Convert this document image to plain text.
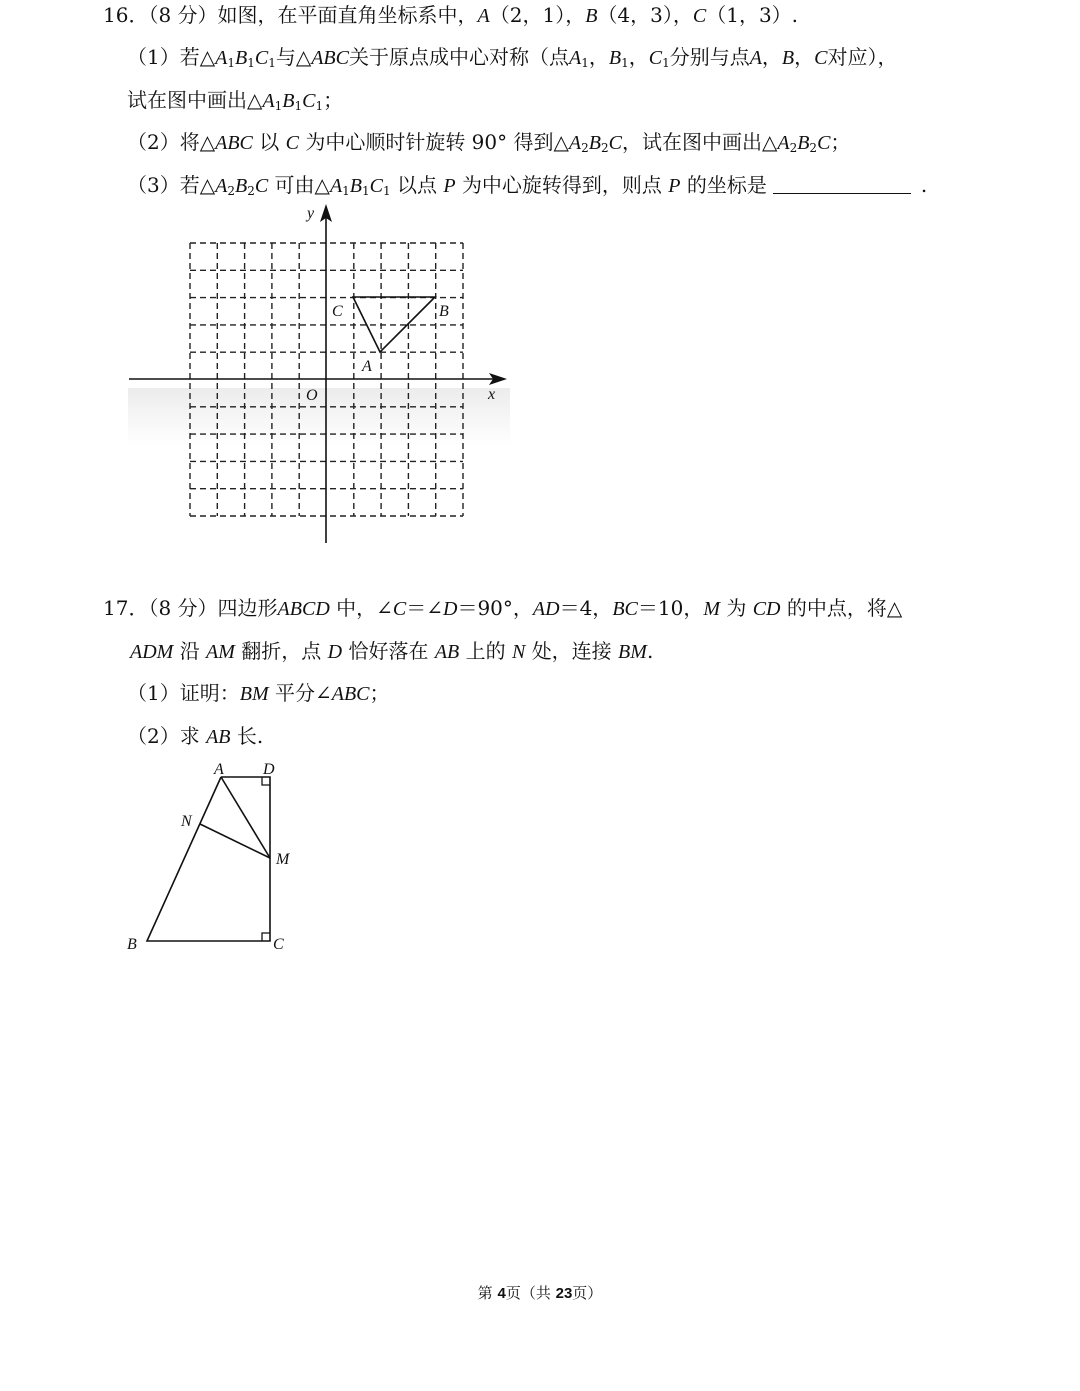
16．（8 分）如图，在平面直角坐标系中，A（2，1），B（4，3），C（1，3）.
（1）若$\triangle A_1B_1C_1$与△ABC关于原点成中心对称（点$A_1$，$B_1$，$C_1$分别与点A，B，C对应），
试在图中画出$\triangle A_1B_1C_1$；
（2）将△ABC 以 C 为中心顺时针旋转 90° 得到$\triangle A_2B_2C$，试在图中画出$\triangle A_2B_2C$；
（3）若$\triangle A_2B_2C$ 可由$\triangle A_1B_1C_1$ 以点 P 为中心旋转得到，则点 P 的坐标是	.
x
y
O
C	B
A
17．（8 分）四边形ABCD 中，∠C＝∠D＝90°，AD＝4，BC＝10，M 为 CD 的中点，将△
ADM 沿 AM 翻折，点 D 恰好落在 AB 上的 N 处，连接 BM.
（1）证明：BM 平分∠ABC；
（2）求 AB 长.
A D
N
M
B	C
第 4页（共 23页）
